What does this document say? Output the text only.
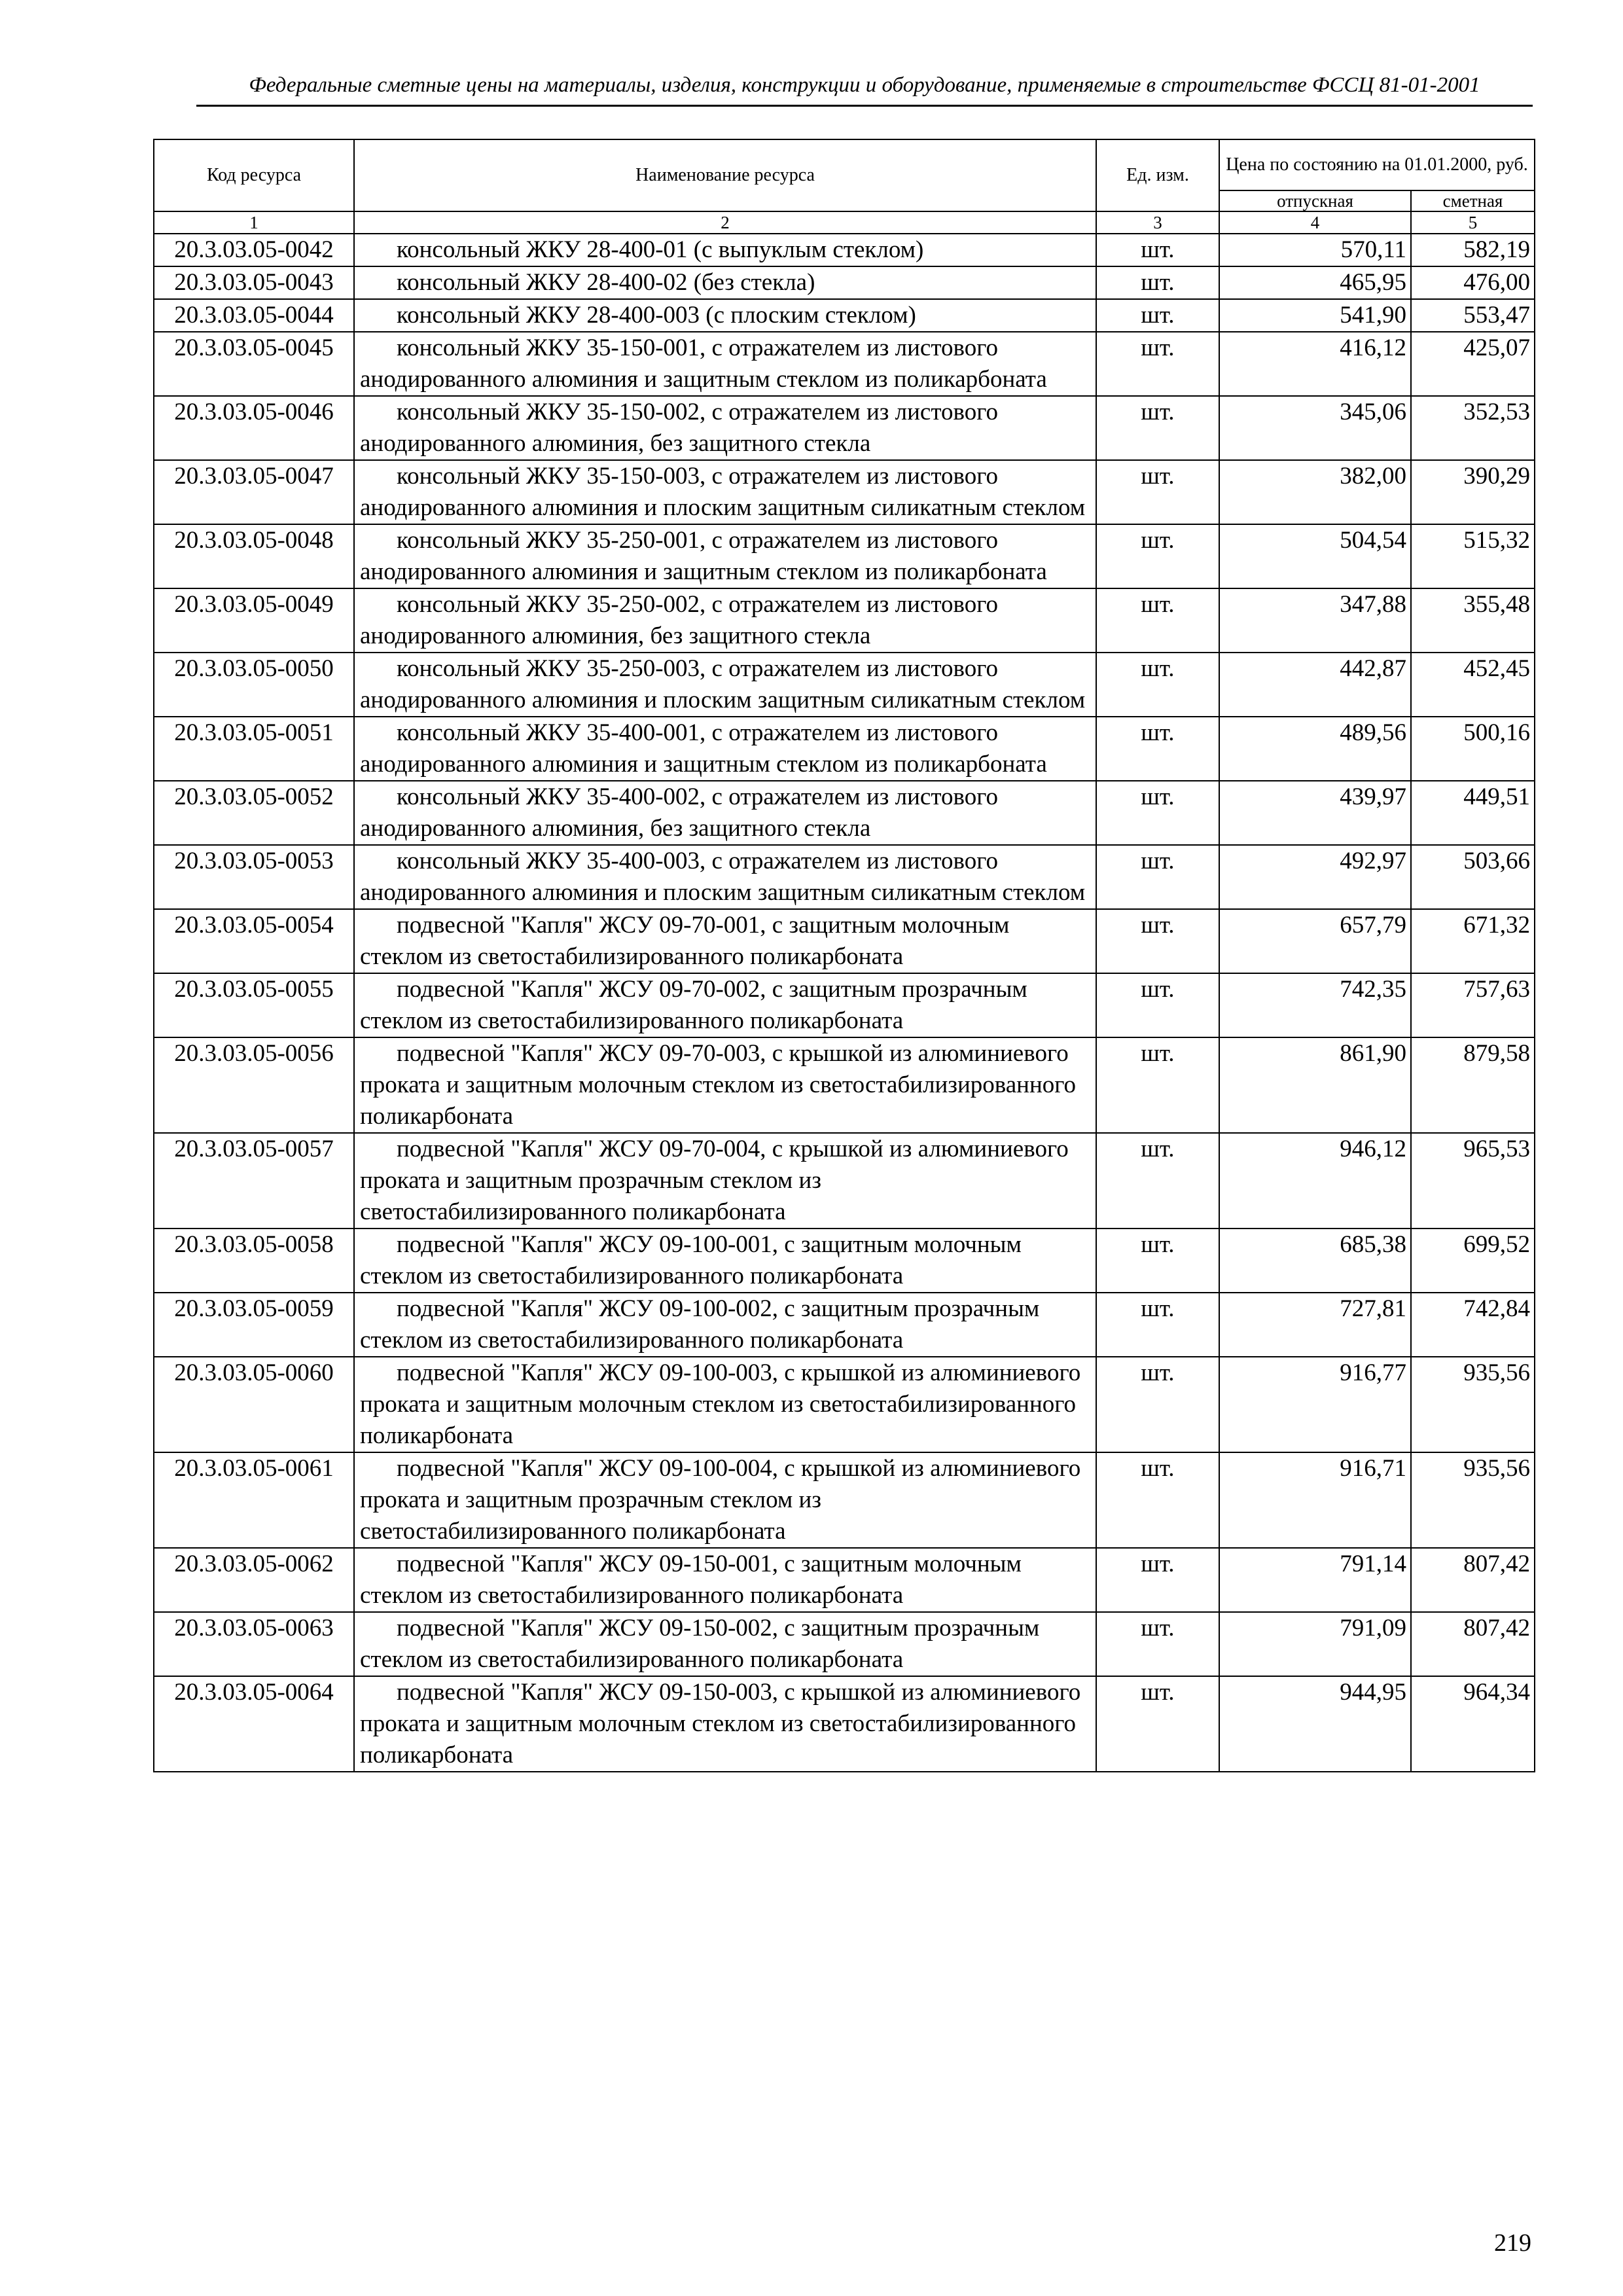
Федеральные сметные цены на материалы, изделия, конструкции и оборудование, применяемые в строительстве ФССЦ 81-01-2001
Код ресурса	Наименование ресурса	Ед. изм.	Цена по состоянию на 01.01.2000, руб.	
			отпускная	сметная
1	2	3	4	5
20.3.03.05-0042	консольный ЖКУ 28-400-01 (с выпуклым стеклом)	шт.	570,11	582,19
20.3.03.05-0043	консольный ЖКУ 28-400-02 (без стекла)	шт.	465,95	476,00
20.3.03.05-0044	консольный ЖКУ 28-400-003 (с плоским стеклом)	шт.	541,90	553,47
20.3.03.05-0045	консольный ЖКУ 35-150-001, с отражателем из листового анодированного алюминия и защитным стеклом из поликарбоната	шт.	416,12	425,07
20.3.03.05-0046	консольный ЖКУ 35-150-002, с отражателем из листового анодированного алюминия, без защитного стекла	шт.	345,06	352,53
20.3.03.05-0047	консольный ЖКУ 35-150-003, с отражателем из листового анодированного алюминия и плоским защитным силикатным стеклом	шт.	382,00	390,29
20.3.03.05-0048	консольный ЖКУ 35-250-001, с отражателем из листового анодированного алюминия и защитным стеклом из поликарбоната	шт.	504,54	515,32
20.3.03.05-0049	консольный ЖКУ 35-250-002, с отражателем из листового анодированного алюминия, без защитного стекла	шт.	347,88	355,48
20.3.03.05-0050	консольный ЖКУ 35-250-003, с отражателем из листового анодированного алюминия и плоским защитным силикатным стеклом	шт.	442,87	452,45
20.3.03.05-0051	консольный ЖКУ 35-400-001, с отражателем из листового анодированного алюминия и защитным стеклом из поликарбоната	шт.	489,56	500,16
20.3.03.05-0052	консольный ЖКУ 35-400-002, с отражателем из листового анодированного алюминия, без защитного стекла	шт.	439,97	449,51
20.3.03.05-0053	консольный ЖКУ 35-400-003, с отражателем из листового анодированного алюминия и плоским защитным силикатным стеклом	шт.	492,97	503,66
20.3.03.05-0054	подвесной "Капля" ЖСУ 09-70-001, с защитным молочным стеклом из светостабилизированного поликарбоната	шт.	657,79	671,32
20.3.03.05-0055	подвесной "Капля" ЖСУ 09-70-002, с защитным прозрачным стеклом из светостабилизированного поликарбоната	шт.	742,35	757,63
20.3.03.05-0056	подвесной "Капля" ЖСУ 09-70-003, с крышкой из алюминиевого проката и защитным молочным стеклом из светостабилизированного поликарбоната	шт.	861,90	879,58
20.3.03.05-0057	подвесной "Капля" ЖСУ 09-70-004, с крышкой из алюминиевого проката и защитным прозрачным стеклом из светостабилизированного поликарбоната	шт.	946,12	965,53
20.3.03.05-0058	подвесной "Капля" ЖСУ 09-100-001, с защитным молочным стеклом из светостабилизированного поликарбоната	шт.	685,38	699,52
20.3.03.05-0059	подвесной "Капля" ЖСУ 09-100-002, с защитным прозрачным стеклом из светостабилизированного поликарбоната	шт.	727,81	742,84
20.3.03.05-0060	подвесной "Капля" ЖСУ 09-100-003, с крышкой из алюминиевого проката и защитным молочным стеклом из светостабилизированного поликарбоната	шт.	916,77	935,56
20.3.03.05-0061	подвесной "Капля" ЖСУ 09-100-004, с крышкой из алюминиевого проката и защитным прозрачным стеклом из светостабилизированного поликарбоната	шт.	916,71	935,56
20.3.03.05-0062	подвесной "Капля" ЖСУ 09-150-001, с защитным молочным стеклом из светостабилизированного поликарбоната	шт.	791,14	807,42
20.3.03.05-0063	подвесной "Капля" ЖСУ 09-150-002, с защитным прозрачным стеклом из светостабилизированного поликарбоната	шт.	791,09	807,42
20.3.03.05-0064	подвесной "Капля" ЖСУ 09-150-003, с крышкой из алюминиевого проката и защитным молочным стеклом из светостабилизированного поликарбоната	шт.	944,95	964,34
219
